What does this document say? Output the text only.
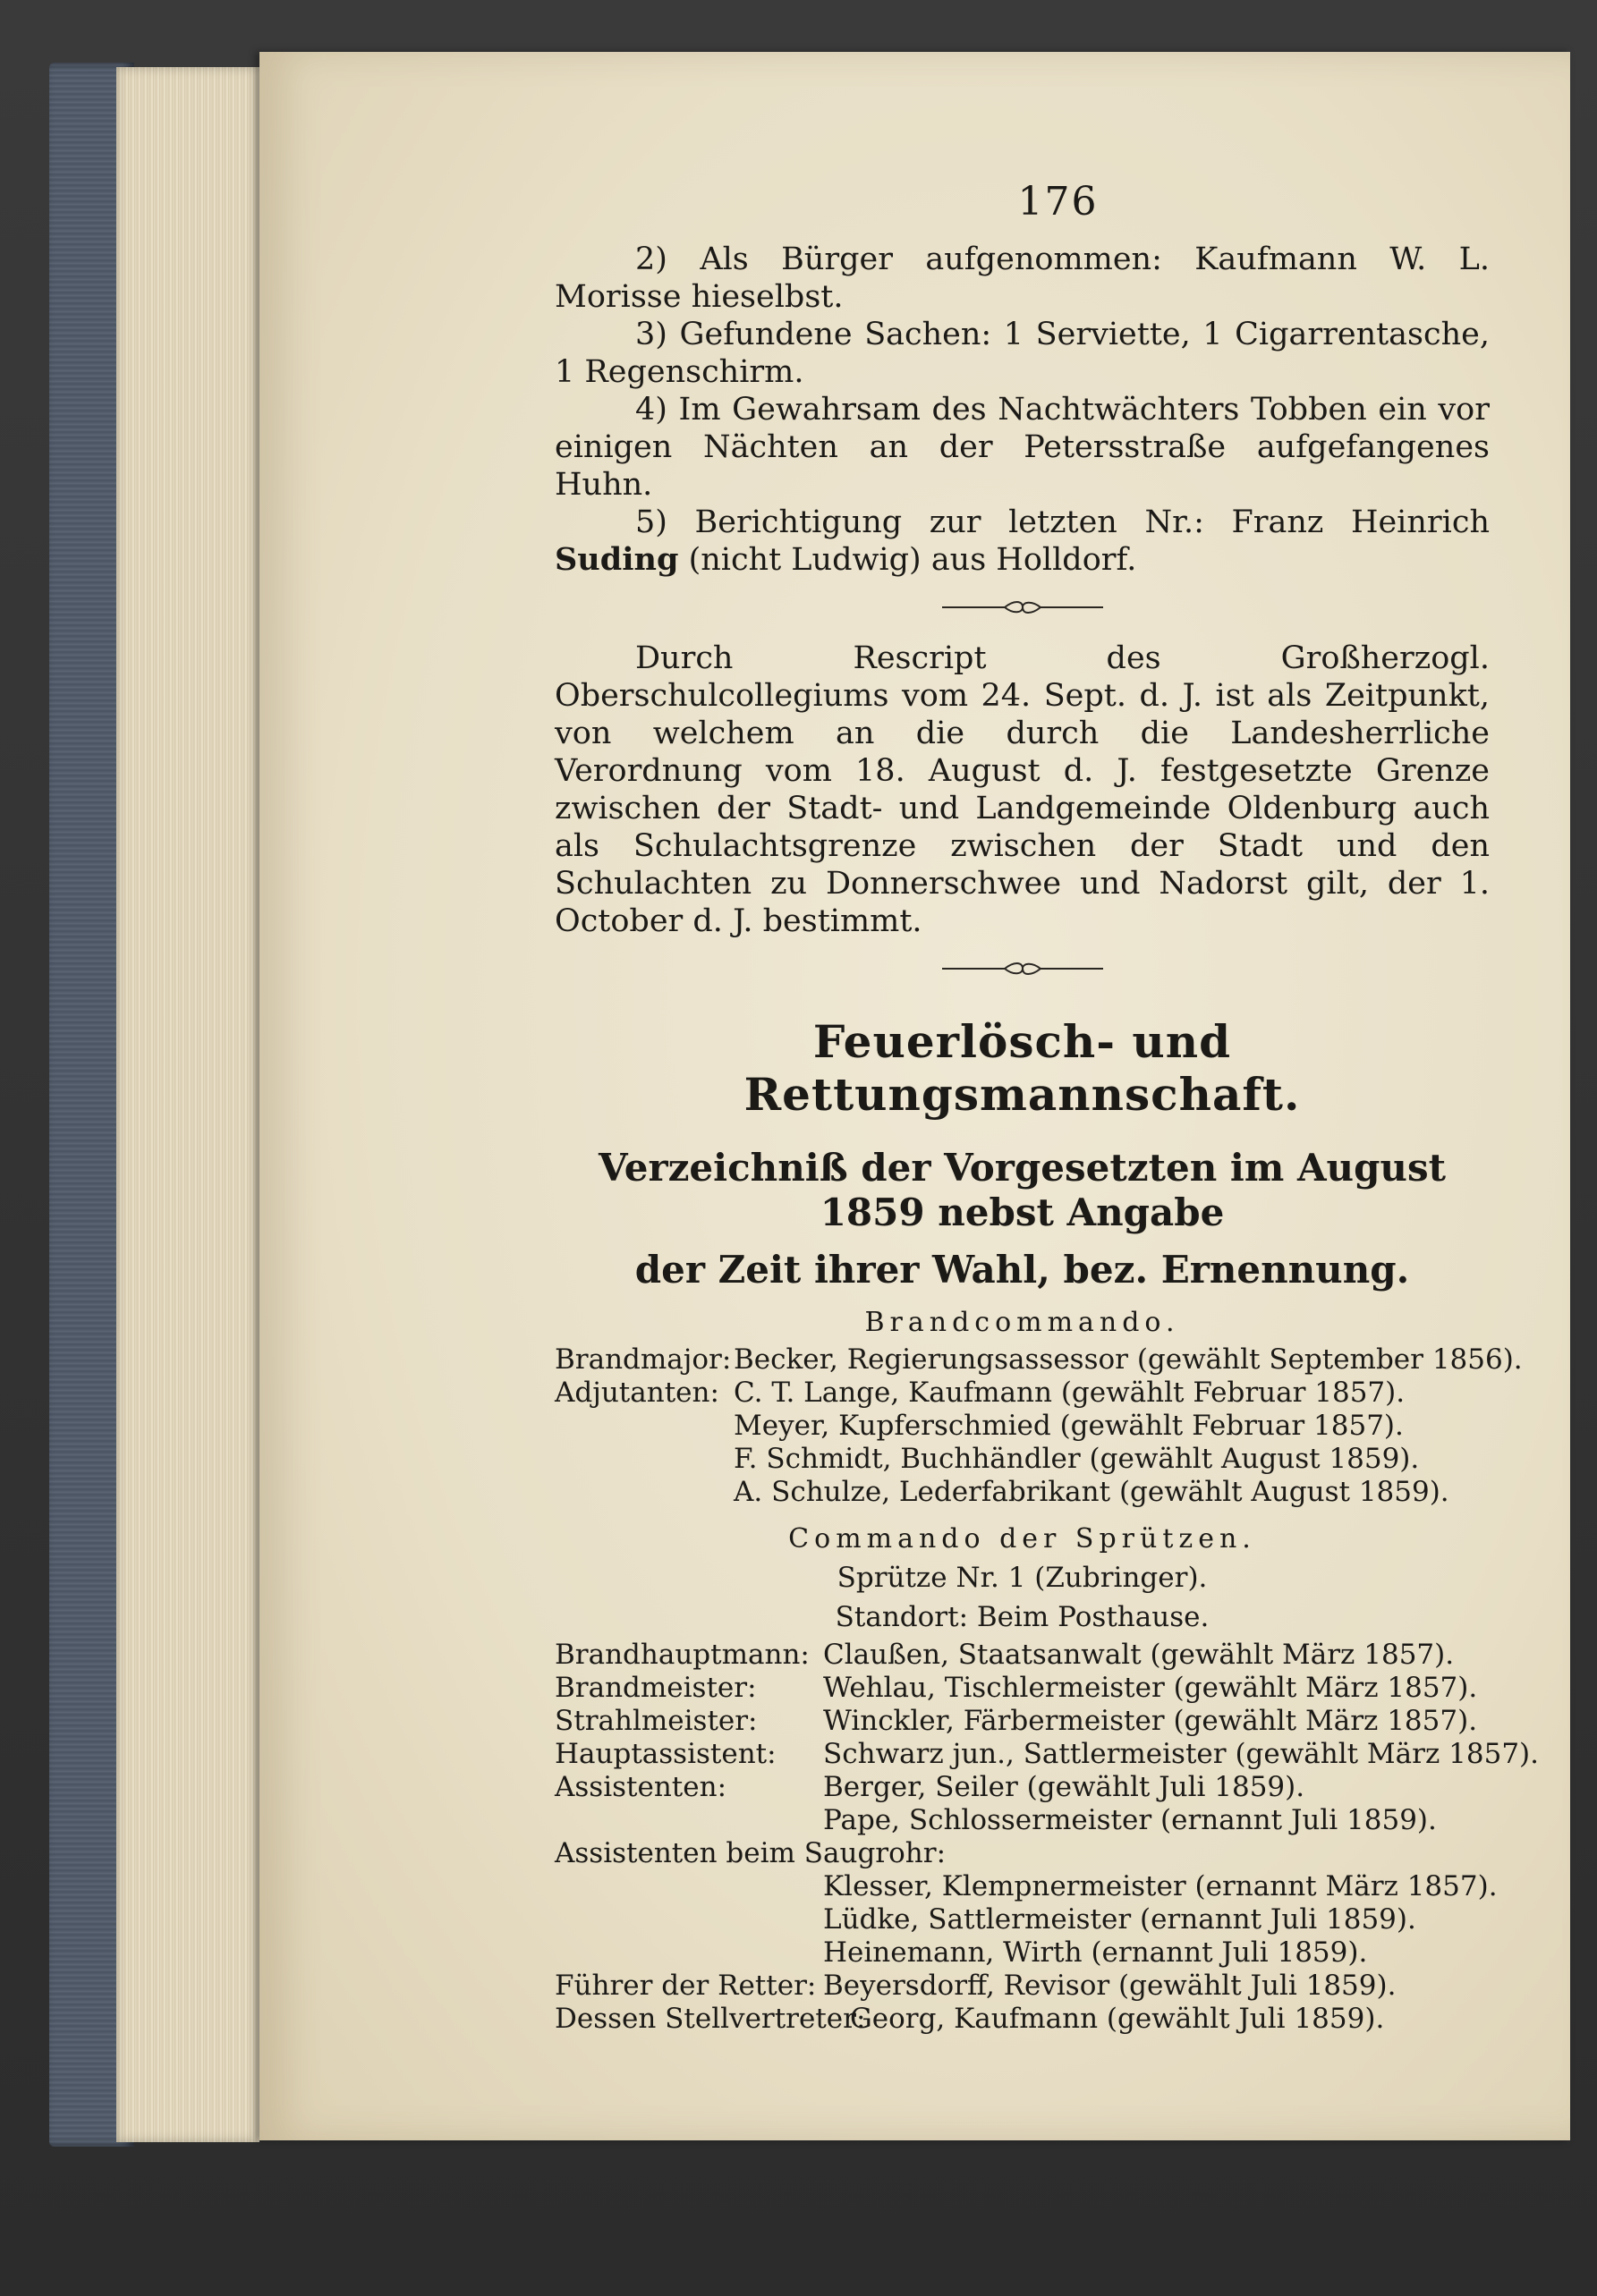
176

2) Als Bürger aufgenommen: Kaufmann W. L. Morisse hieselbst.

3) Gefundene Sachen: 1 Serviette, 1 Cigarrentasche, 1 Regenschirm.

4) Im Gewahrsam des Nachtwächters Tobben ein vor einigen Nächten an der Petersstraße aufgefangenes Huhn.

5) Berichtigung zur letzten Nr.: Franz Heinrich Suding (nicht Ludwig) aus Holldorf.

Durch Rescript des Großherzogl. Oberschulcollegiums vom 24. Sept. d. J. ist als Zeitpunkt, von welchem an die durch die Landesherrliche Verordnung vom 18. August d. J. festgesetzte Grenze zwischen der Stadt- und Landgemeinde Oldenburg auch als Schulachtsgrenze zwischen der Stadt und den Schulachten zu Donnerschwee und Nadorst gilt, der 1. October d. J. bestimmt.

Feuerlösch- und Rettungsmannschaft.
Verzeichniß der Vorgesetzten im August 1859 nebst Angabe
der Zeit ihrer Wahl, bez. Ernennung.
Brandcommando.
Brandmajor: Becker, Regierungsassessor (gewählt September 1856).
Adjutanten: C. T. Lange, Kaufmann (gewählt Februar 1857).
Meyer, Kupferschmied (gewählt Februar 1857).
F. Schmidt, Buchhändler (gewählt August 1859).
A. Schulze, Lederfabrikant (gewählt August 1859).
Commando der Sprützen.
Sprütze Nr. 1 (Zubringer).
Standort: Beim Posthause.
Brandhauptmann: Claußen, Staatsanwalt (gewählt März 1857).
Brandmeister:	Wehlau, Tischlermeister (gewählt März 1857).
Strahlmeister:	Winckler, Färbermeister (gewählt März 1857).
Hauptassistent:	Schwarz jun., Sattlermeister (gewählt März 1857).
Assistenten:	Berger, Seiler (gewählt Juli 1859).
Pape, Schlossermeister (ernannt Juli 1859).
Assistenten beim Saugrohr:
Klesser, Klempnermeister (ernannt März 1857).
Lüdke, Sattlermeister (ernannt Juli 1859).
Heinemann, Wirth (ernannt Juli 1859).
Führer der Retter: Beyersdorff, Revisor (gewählt Juli 1859).
Dessen Stellvertreter:
Georg, Kaufmann (gewählt Juli 1859).
